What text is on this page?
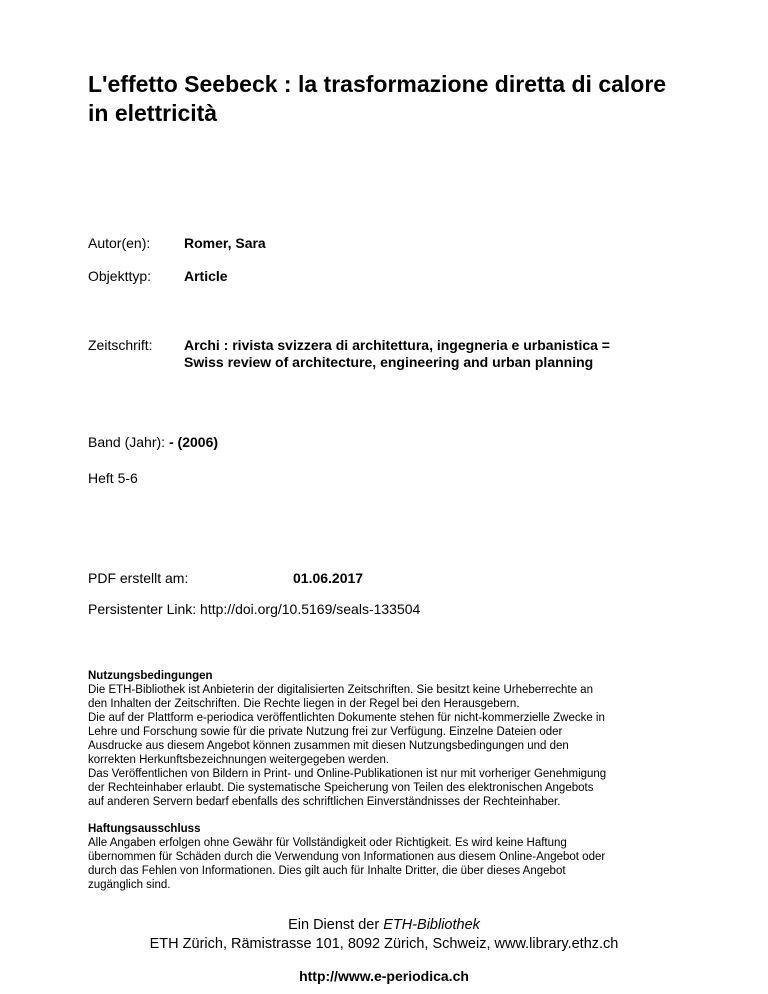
L'effetto Seebeck : la trasformazione diretta di calore in elettricità
Autor(en): Romer, Sara
Objekttyp: Article
Zeitschrift: Archi : rivista svizzera di architettura, ingegneria e urbanistica =
Swiss review of architecture, engineering and urban planning
Band (Jahr): - (2006)
Heft 5-6
PDF erstellt am:	01.06.2017
Persistenter Link: http://doi.org/10.5169/seals-133504
Nutzungsbedingungen

Die ETH-Bibliothek ist Anbieterin der digitalisierten Zeitschriften. Sie besitzt keine Urheberrechte an

den Inhalten der Zeitschriften. Die Rechte liegen in der Regel bei den Herausgebern.

Die auf der Plattform e-periodica veröffentlichten Dokumente stehen für nicht-kommerzielle Zwecke in

Lehre und Forschung sowie für die private Nutzung frei zur Verfügung. Einzelne Dateien oder

Ausdrucke aus diesem Angebot können zusammen mit diesen Nutzungsbedingungen und den

korrekten Herkunftsbezeichnungen weitergegeben werden.

Das Veröffentlichen von Bildern in Print- und Online-Publikationen ist nur mit vorheriger Genehmigung

der Rechteinhaber erlaubt. Die systematische Speicherung von Teilen des elektronischen Angebots

auf anderen Servern bedarf ebenfalls des schriftlichen Einverständnisses der Rechteinhaber.

Haftungsausschluss

Alle Angaben erfolgen ohne Gewähr für Vollständigkeit oder Richtigkeit. Es wird keine Haftung

übernommen für Schäden durch die Verwendung von Informationen aus diesem Online-Angebot oder

durch das Fehlen von Informationen. Dies gilt auch für Inhalte Dritter, die über dieses Angebot

zugänglich sind.

Ein Dienst der ETH-Bibliothek
ETH Zürich, Rämistrasse 101, 8092 Zürich, Schweiz, www.library.ethz.ch
http://www.e-periodica.ch
